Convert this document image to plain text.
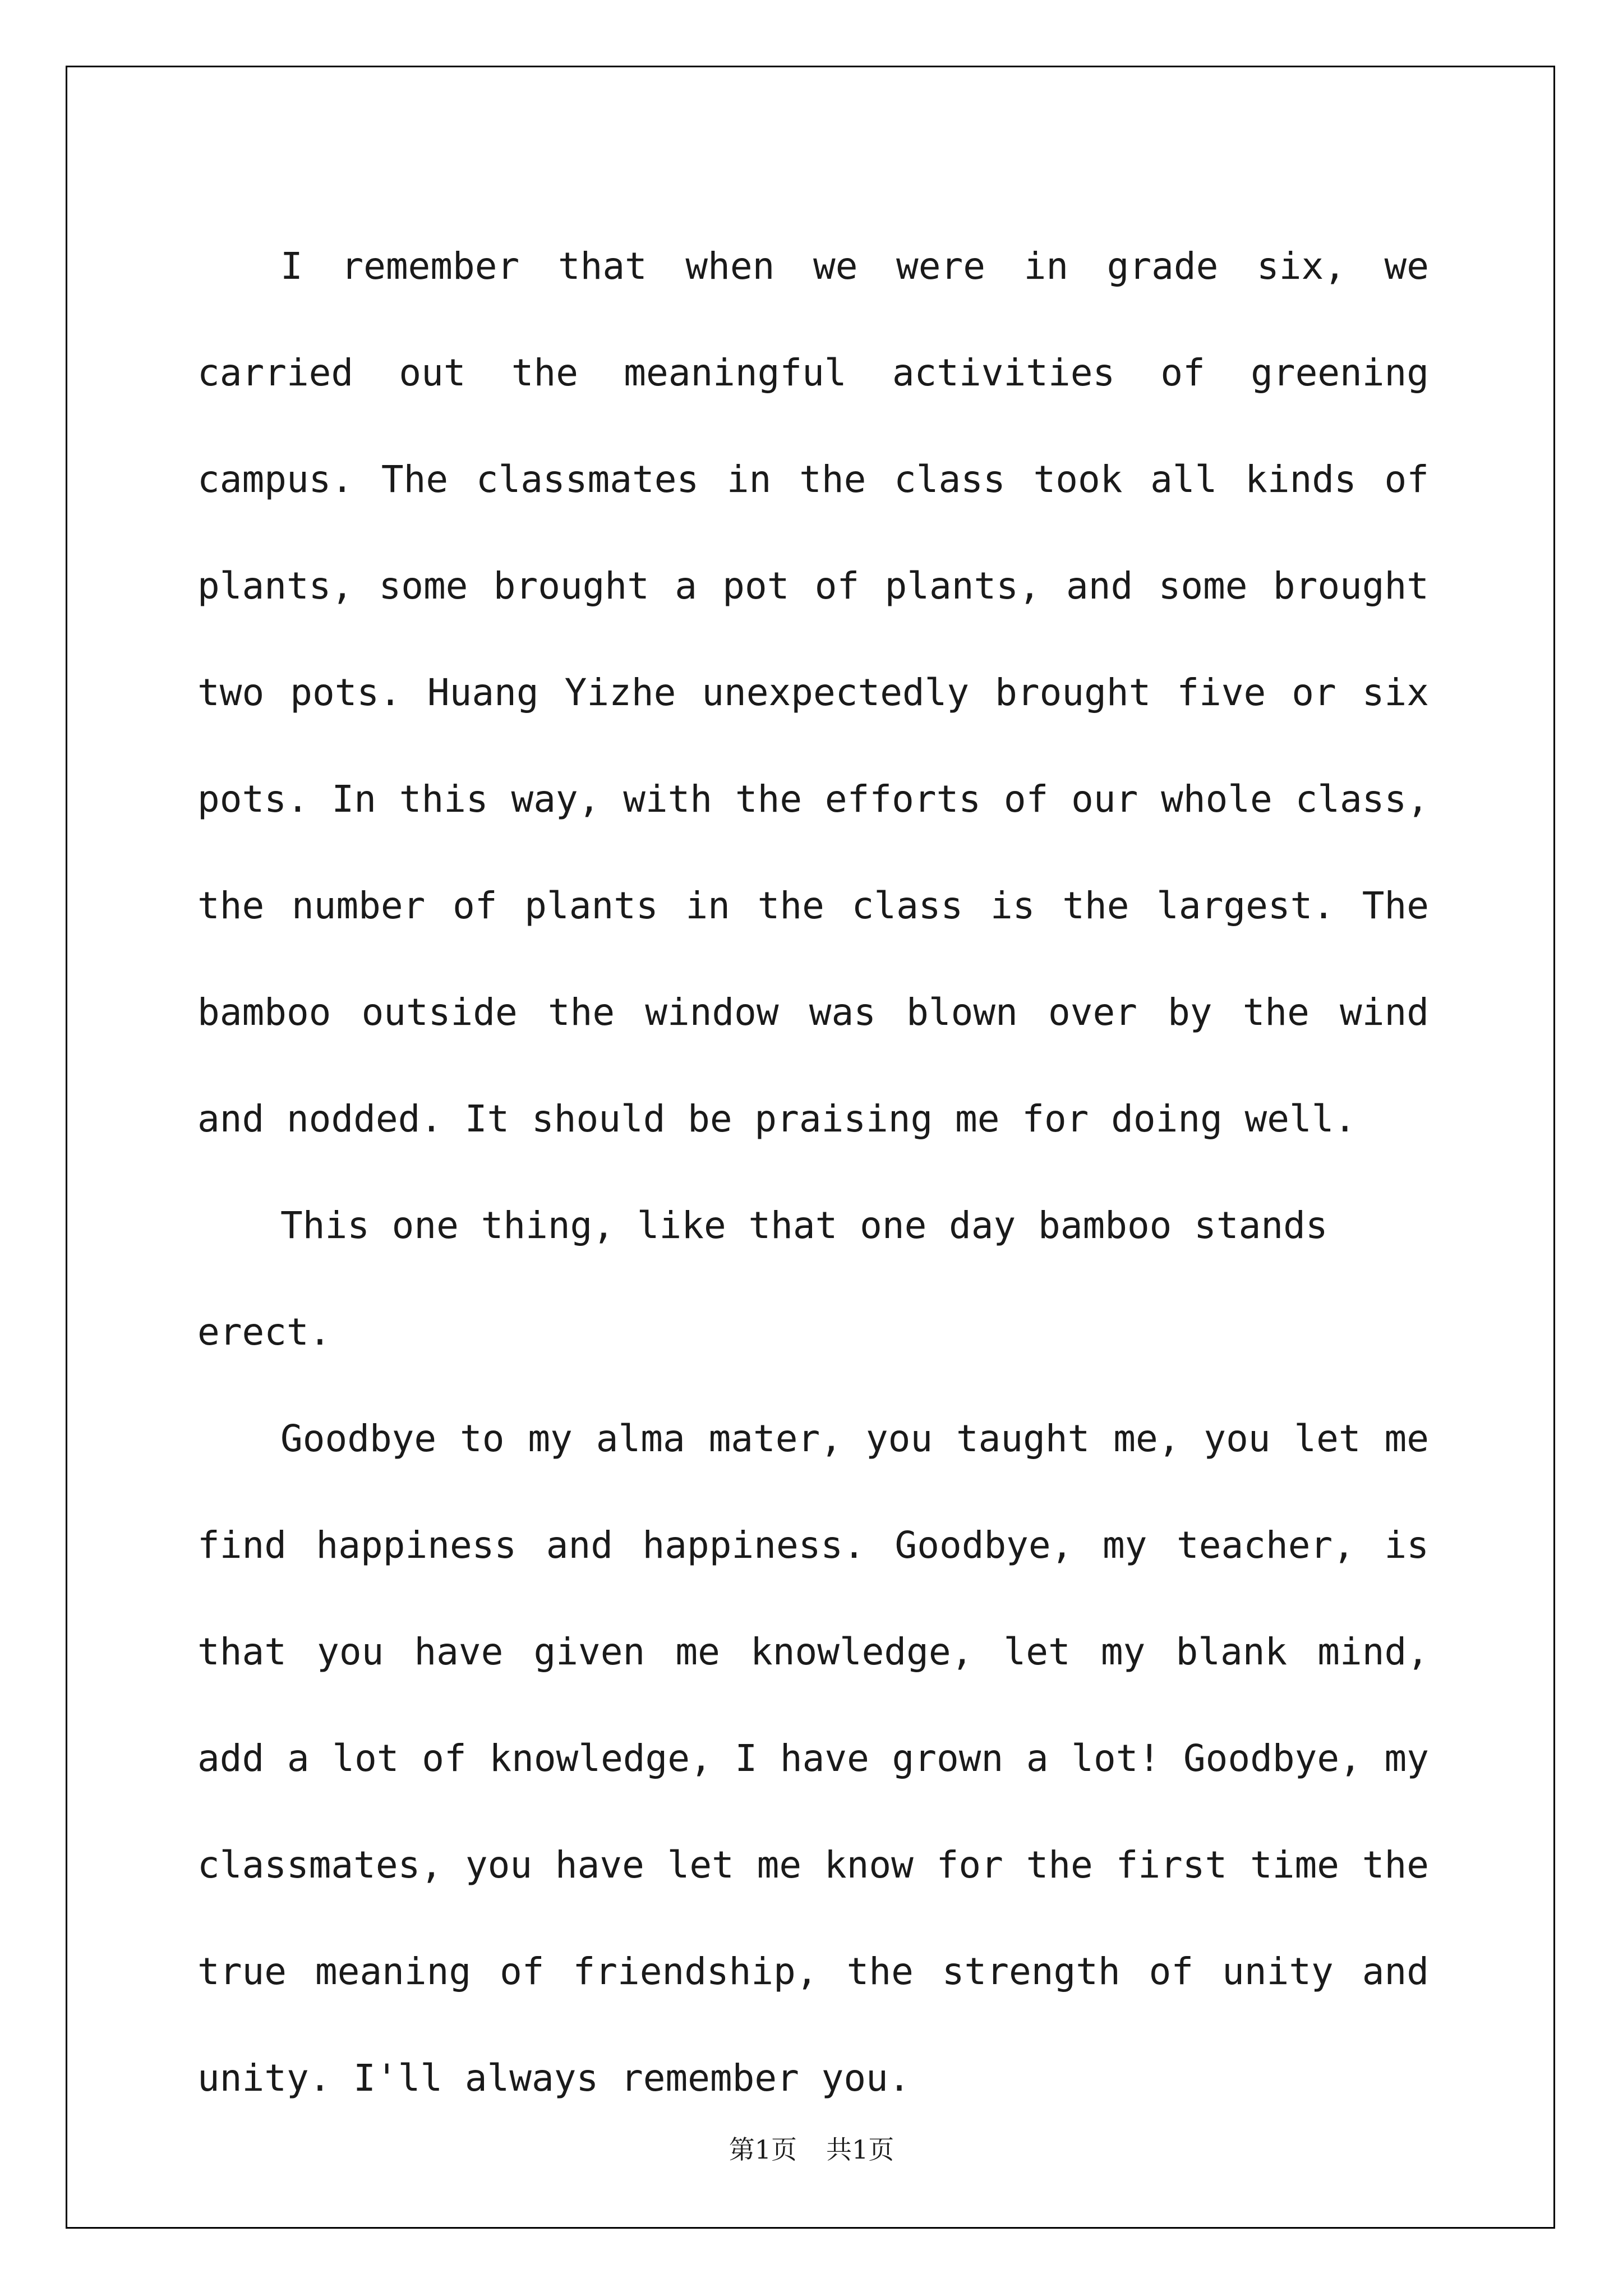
I remember that when we were in grade six, we carried out the meaningful activities of greening campus. The classmates in the class took all kinds of plants, some brought a pot of plants, and some brought two pots. Huang Yizhe unexpectedly brought five or six pots. In this way, with the efforts of our whole class, the number of plants in the class is the largest. The bamboo outside the window was blown over by the wind and nodded. It should be praising me for doing well.

This one thing, like that one day bamboo stands erect.

Goodbye to my alma mater, you taught me, you let me find happiness and happiness. Goodbye, my teacher, is that you have given me knowledge, let my blank mind, add a lot of knowledge, I have grown a lot! Goodbye, my classmates, you have let me know for the first time the true meaning of friendship, the strength of unity and unity. I'll always remember you.

第1页 共1页
